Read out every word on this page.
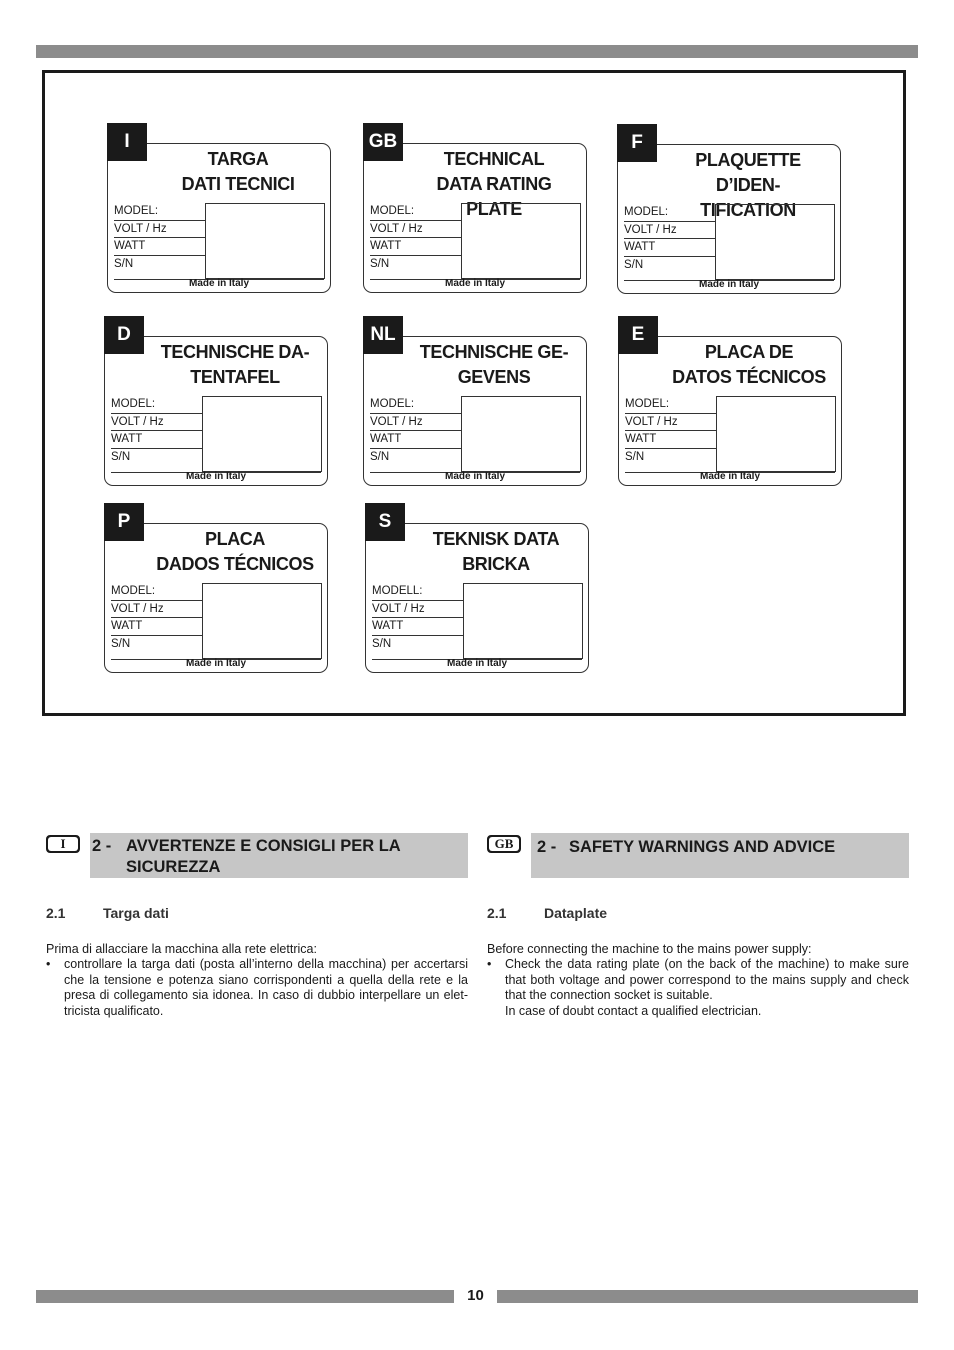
I
TARGA
DATI TECNICI
MODEL:
VOLT / Hz
WATT
S/N
Made in Italy
GB
TECHNICAL
DATA RATING PLATE
MODEL:
VOLT / Hz
WATT
S/N
Made in Italy
F
PLAQUETTE D’IDEN-
TIFICATION
MODEL:
VOLT / Hz
WATT
S/N
Made in Italy
D
TECHNISCHE DA-
TENTAFEL
MODEL:
VOLT / Hz
WATT
S/N
Made in Italy
NL
TECHNISCHE GE-
GEVENS
MODEL:
VOLT / Hz
WATT
S/N
Made in Italy
E
PLACA DE
DATOS TÉCNICOS
MODEL:
VOLT / Hz
WATT
S/N
Made in Italy
P
PLACA
DADOS TÉCNICOS
MODEL:
VOLT / Hz
WATT
S/N
Made in Italy
S
TEKNISK DATA
BRICKA
MODELL:
VOLT / Hz
WATT
S/N
Made in Italy
I	2 - AVVERTENZE E CONSIGLI PER LA
SICUREZZA
2.1	Targa dati
Prima di allacciare la macchina alla rete elettrica:
• controllare la targa dati (posta all’interno della macchina) per accertarsi
che la tensione e potenza siano corrispondenti a quella della rete e la
presa di collegamento sia idonea. In caso di dubbio interpellare un elet-
tricista qualificato.
GB	2 - SAFETY WARNINGS AND ADVICE
2.1	Dataplate
Before connecting the machine to the mains power supply:
• Check the data rating plate (on the back of the machine) to make sure
that both voltage and power correspond to the mains supply and check
that the connection socket is suitable.
In case of doubt contact a qualified electrician.
10
